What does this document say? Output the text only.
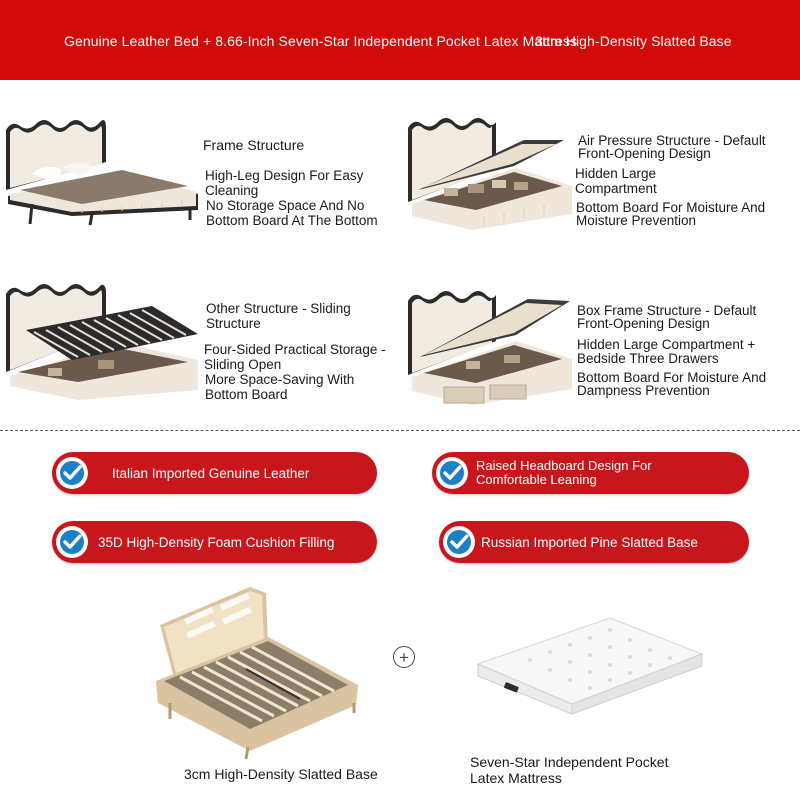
Genuine Leather Bed + 8.66-Inch Seven-Star Independent Pocket Latex Mattress
3cm High-Density Slatted Base
Frame Structure
High-Leg Design For Easy Cleaning
No Storage Space And No Bottom Board At The Bottom
Air Pressure Structure - Default Front-Opening Design
Hidden Large Compartment
Bottom Board For Moisture And Moisture Prevention
Other Structure - Sliding Structure
Four-Sided Practical Storage - Sliding Open
More Space-Saving With Bottom Board
Box Frame Structure - Default Front-Opening Design
Hidden Large Compartment + Bedside Three Drawers
Bottom Board For Moisture And Dampness Prevention
Italian Imported Genuine Leather	Raised Headboard Design For Comfortable Leaning
35D High-Density Foam Cushion Filling	Russian Imported Pine Slatted Base
+
3cm High-Density Slatted Base
Seven-Star Independent Pocket Latex Mattress
